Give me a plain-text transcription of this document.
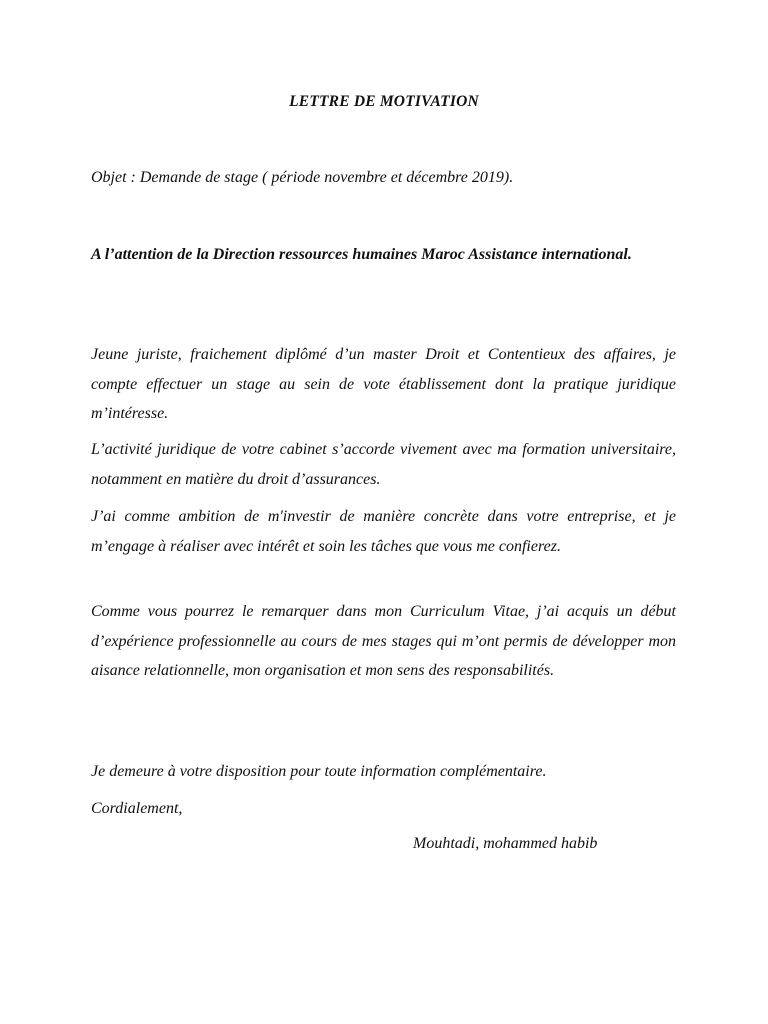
LETTRE DE MOTIVATION
Objet : Demande de stage ( période novembre et décembre 2019).
A l’attention de la Direction ressources humaines Maroc Assistance international.

Jeune juriste, fraichement diplômé d’un master Droit et Contentieux des affaires, je compte effectuer un stage au sein de vote établissement dont la pratique juridique m’intéresse.

L’activité juridique de votre cabinet s’accorde vivement avec ma formation universitaire, notamment en matière du droit d’assurances.

J’ai comme ambition de m'investir de manière concrète dans votre entreprise, et je m’engage à réaliser avec intérêt et soin les tâches que vous me confierez.

Comme vous pourrez le remarquer dans mon Curriculum Vitae, j’ai acquis un début d’expérience professionnelle au cours de mes stages qui m’ont permis de développer mon aisance relationnelle, mon organisation et mon sens des responsabilités.

Je demeure à votre disposition pour toute information complémentaire.
Cordialement,
Mouhtadi, mohammed habib
